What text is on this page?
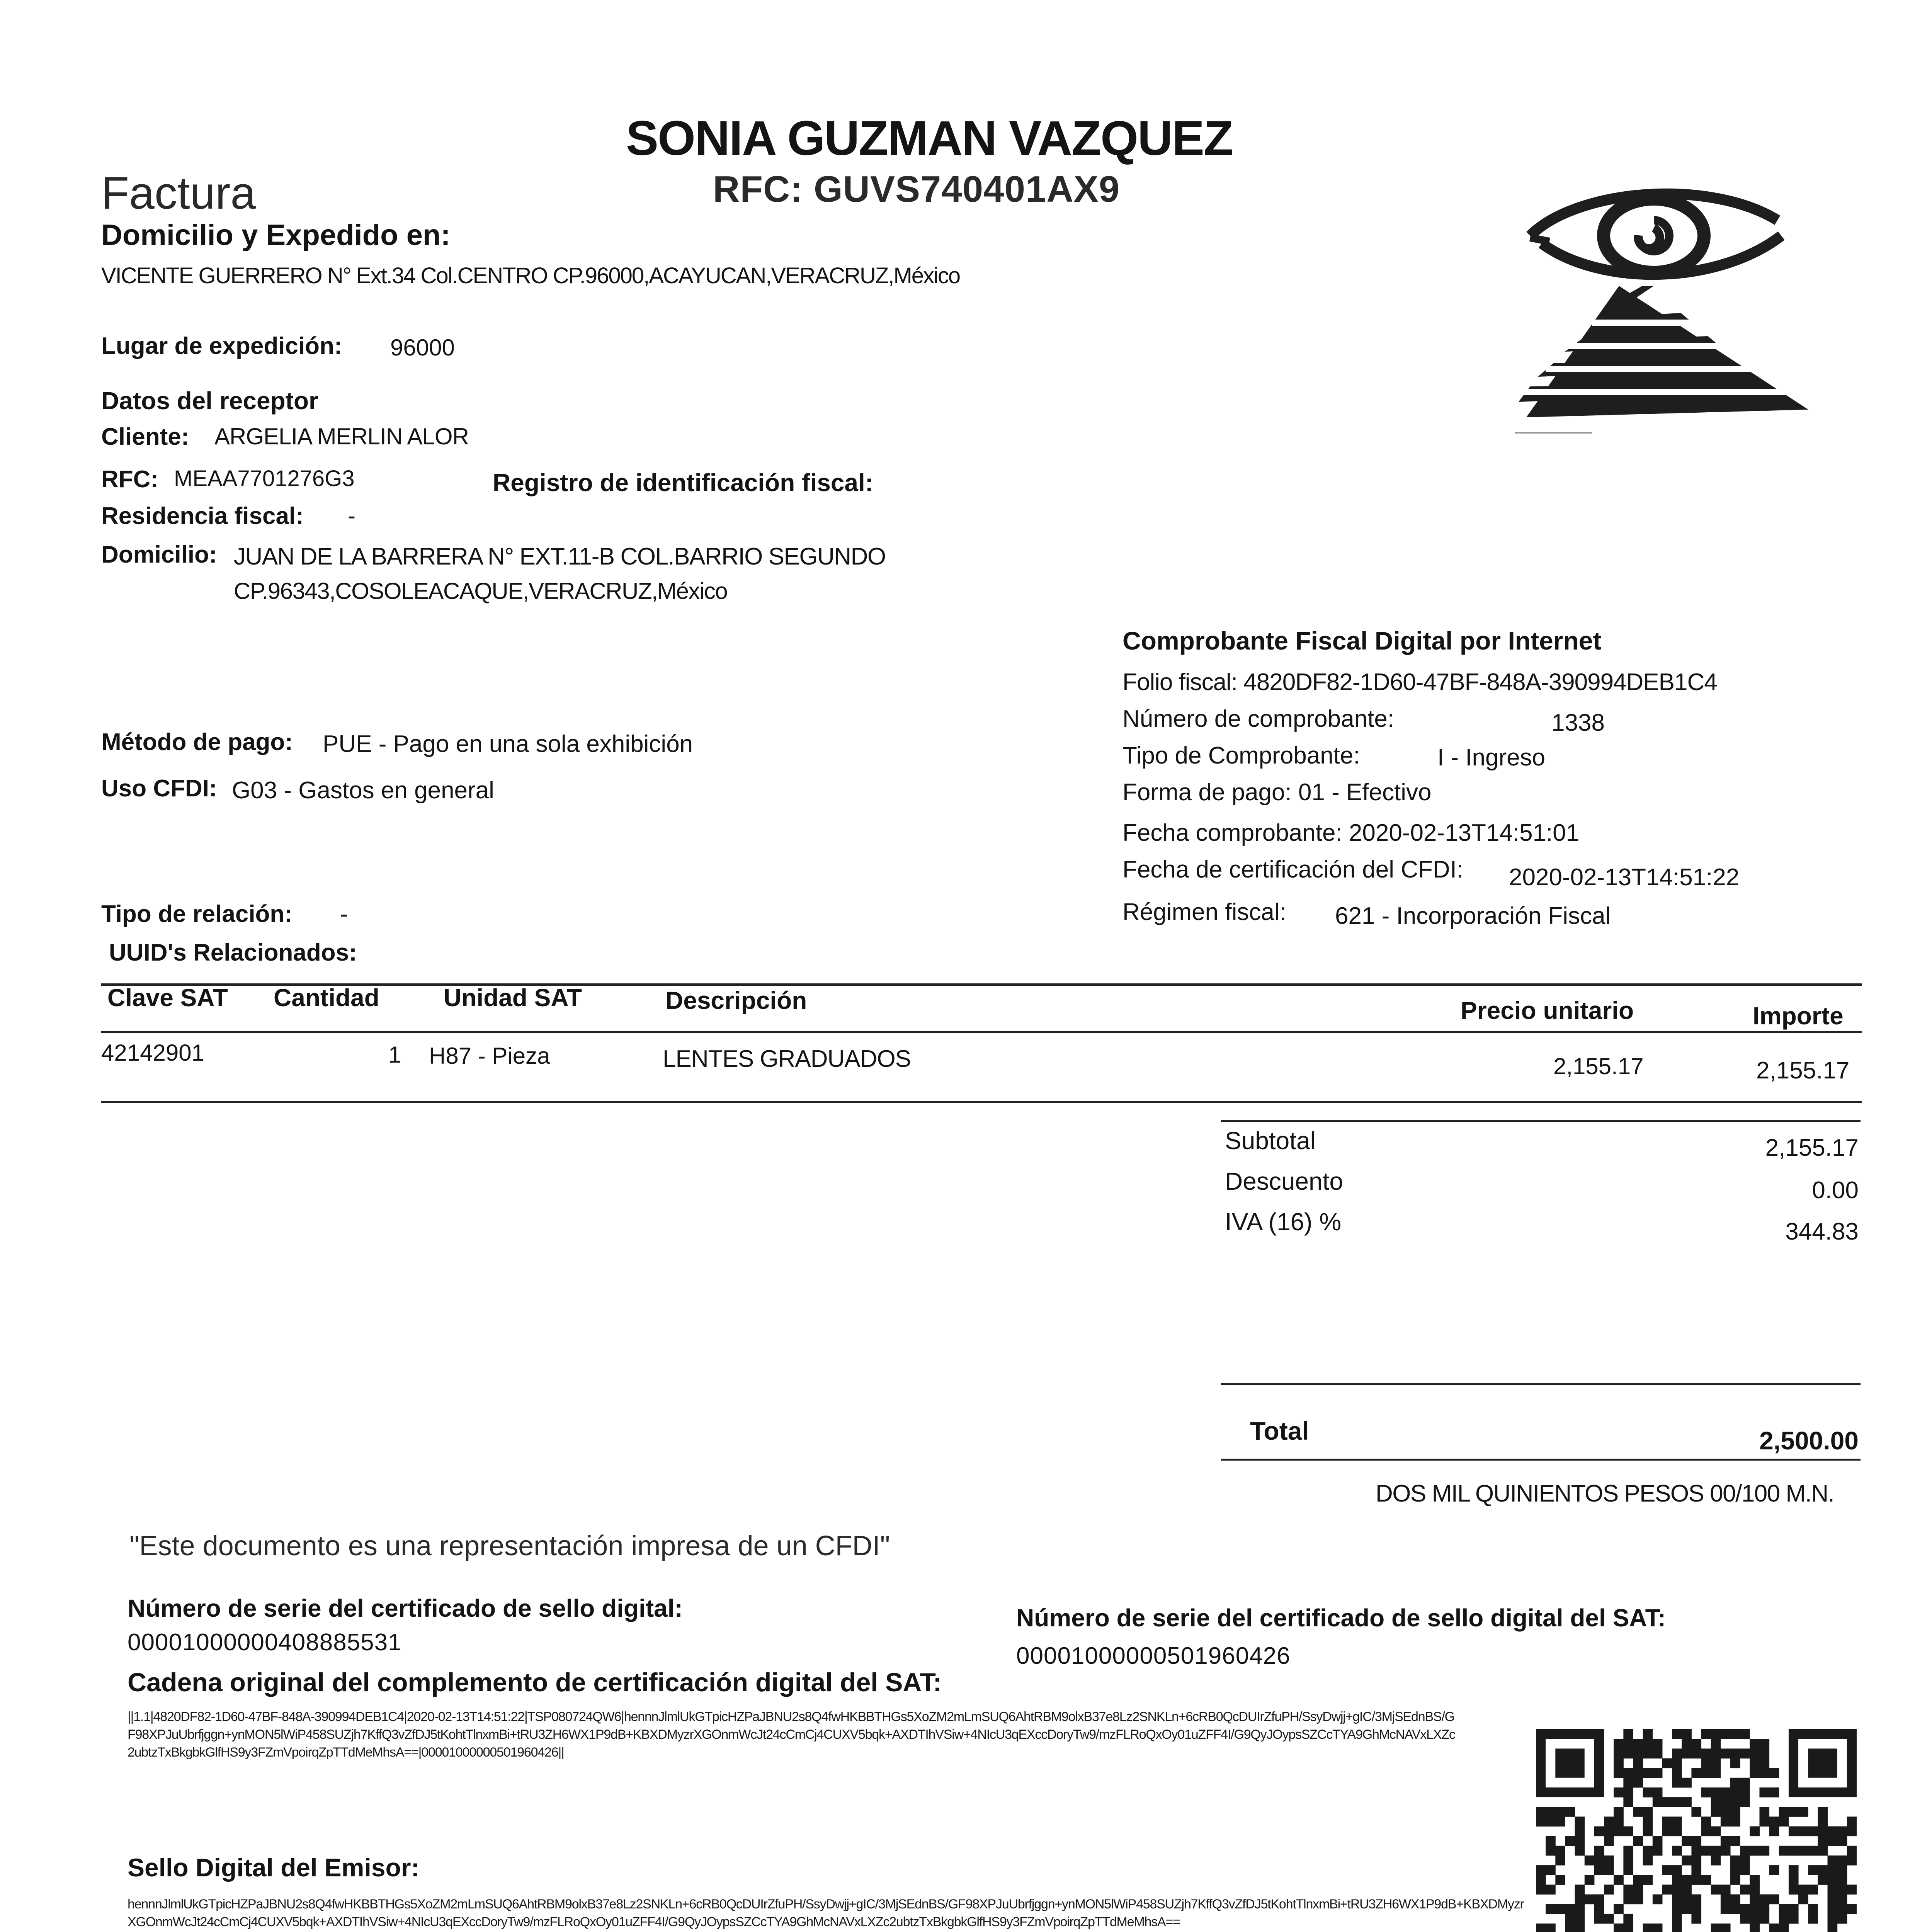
SONIA GUZMAN VAZQUEZ
RFC: GUVS740401AX9
Factura
Domicilio y Expedido en:
VICENTE GUERRERO N° Ext.34 Col.CENTRO CP.96000,ACAYUCAN,VERACRUZ,México
Lugar de expedición: 96000
Datos del receptor
Cliente: ARGELIA MERLIN ALOR
RFC: MEAA7701276G3	Registro de identificación fiscal:
Residencia fiscal: -
Domicilio: JUAN DE LA BARRERA N° EXT.11-B COL.BARRIO SEGUNDO
CP.96343,COSOLEACAQUE,VERACRUZ,México
Comprobante Fiscal Digital por Internet
Folio fiscal: 4820DF82-1D60-47BF-848A-390994DEB1C4
Número de comprobante:	1338
Tipo de Comprobante:	I - Ingreso
Forma de pago: 01 - Efectivo
Fecha comprobante: 2020-02-13T14:51:01
Fecha de certificación del CFDI: 2020-02-13T14:51:22
Régimen fiscal: 621 - Incorporación Fiscal
Método de pago: PUE - Pago en una sola exhibición
Uso CFDI: G03 - Gastos en general
Tipo de relación: -
UUID's Relacionados:
Clave SAT Cantidad	Unidad SAT	Descripción	Precio unitario	Importe
42142901	1 H87 - Pieza	LENTES GRADUADOS	2,155.17	2,155.17
Subtotal	2,155.17
Descuento	0.00
IVA (16) %	344.83
Total	2,500.00
DOS MIL QUINIENTOS PESOS 00/100 M.N.
"Este documento es una representación impresa de un CFDI"
Número de serie del certificado de sello digital:
00001000000408885531
Número de serie del certificado de sello digital del SAT:
00001000000501960426
Cadena original del complemento de certificación digital del SAT:
||1.1|4820DF82-1D60-47BF-848A-390994DEB1C4|2020-02-13T14:51:22|TSP080724QW6|hennnJlmlUkGTpicHZPaJBNU2s8Q4fwHKBBTHGs5XoZM2mLmSUQ6AhtRBM9olxB37e8Lz2SNKLn+6cRB0QcDUIrZfuPH/SsyDwjj+gIC/3MjSEdnBS/GF98XPJuUbrfjggn+ynMON5lWiP458SUZjh7KffQ3vZfDJ5tKohtTlnxmBi+tRU3ZH6WX1P9dB+KBXDMyzrXGOnmWcJt24cCmCj4CUXV5bqk+AXDTIhVSiw+4NIcU3qEXccDoryTw9/mzFLRoQxOy01uZFF4I/G9QyJOypsSZCcTYA9GhMcNAVxLXZc2ubtzTxBkgbkGlfHS9y3FZmVpoirqZpTTdMeMhsA==|00001000000501960426||
Sello Digital del Emisor:
hennnJlmlUkGTpicHZPaJBNU2s8Q4fwHKBBTHGs5XoZM2mLmSUQ6AhtRBM9olxB37e8Lz2SNKLn+6cRB0QcDUIrZfuPH/SsyDwjj+gIC/3MjSEdnBS/GF98XPJuUbrfjggn+ynMON5lWiP458SUZjh7KffQ3vZfDJ5tKohtTlnxmBi+tRU3ZH6WX1P9dB+KBXDMyzrXGOnmWcJt24cCmCj4CUXV5bqk+AXDTIhVSiw+4NIcU3qEXccDoryTw9/mzFLRoQxOy01uZFF4I/G9QyJOypsSZCcTYA9GhMcNAVxLXZc2ubtzTxBkgbkGlfHS9y3FZmVpoirqZpTTdMeMhsA==
